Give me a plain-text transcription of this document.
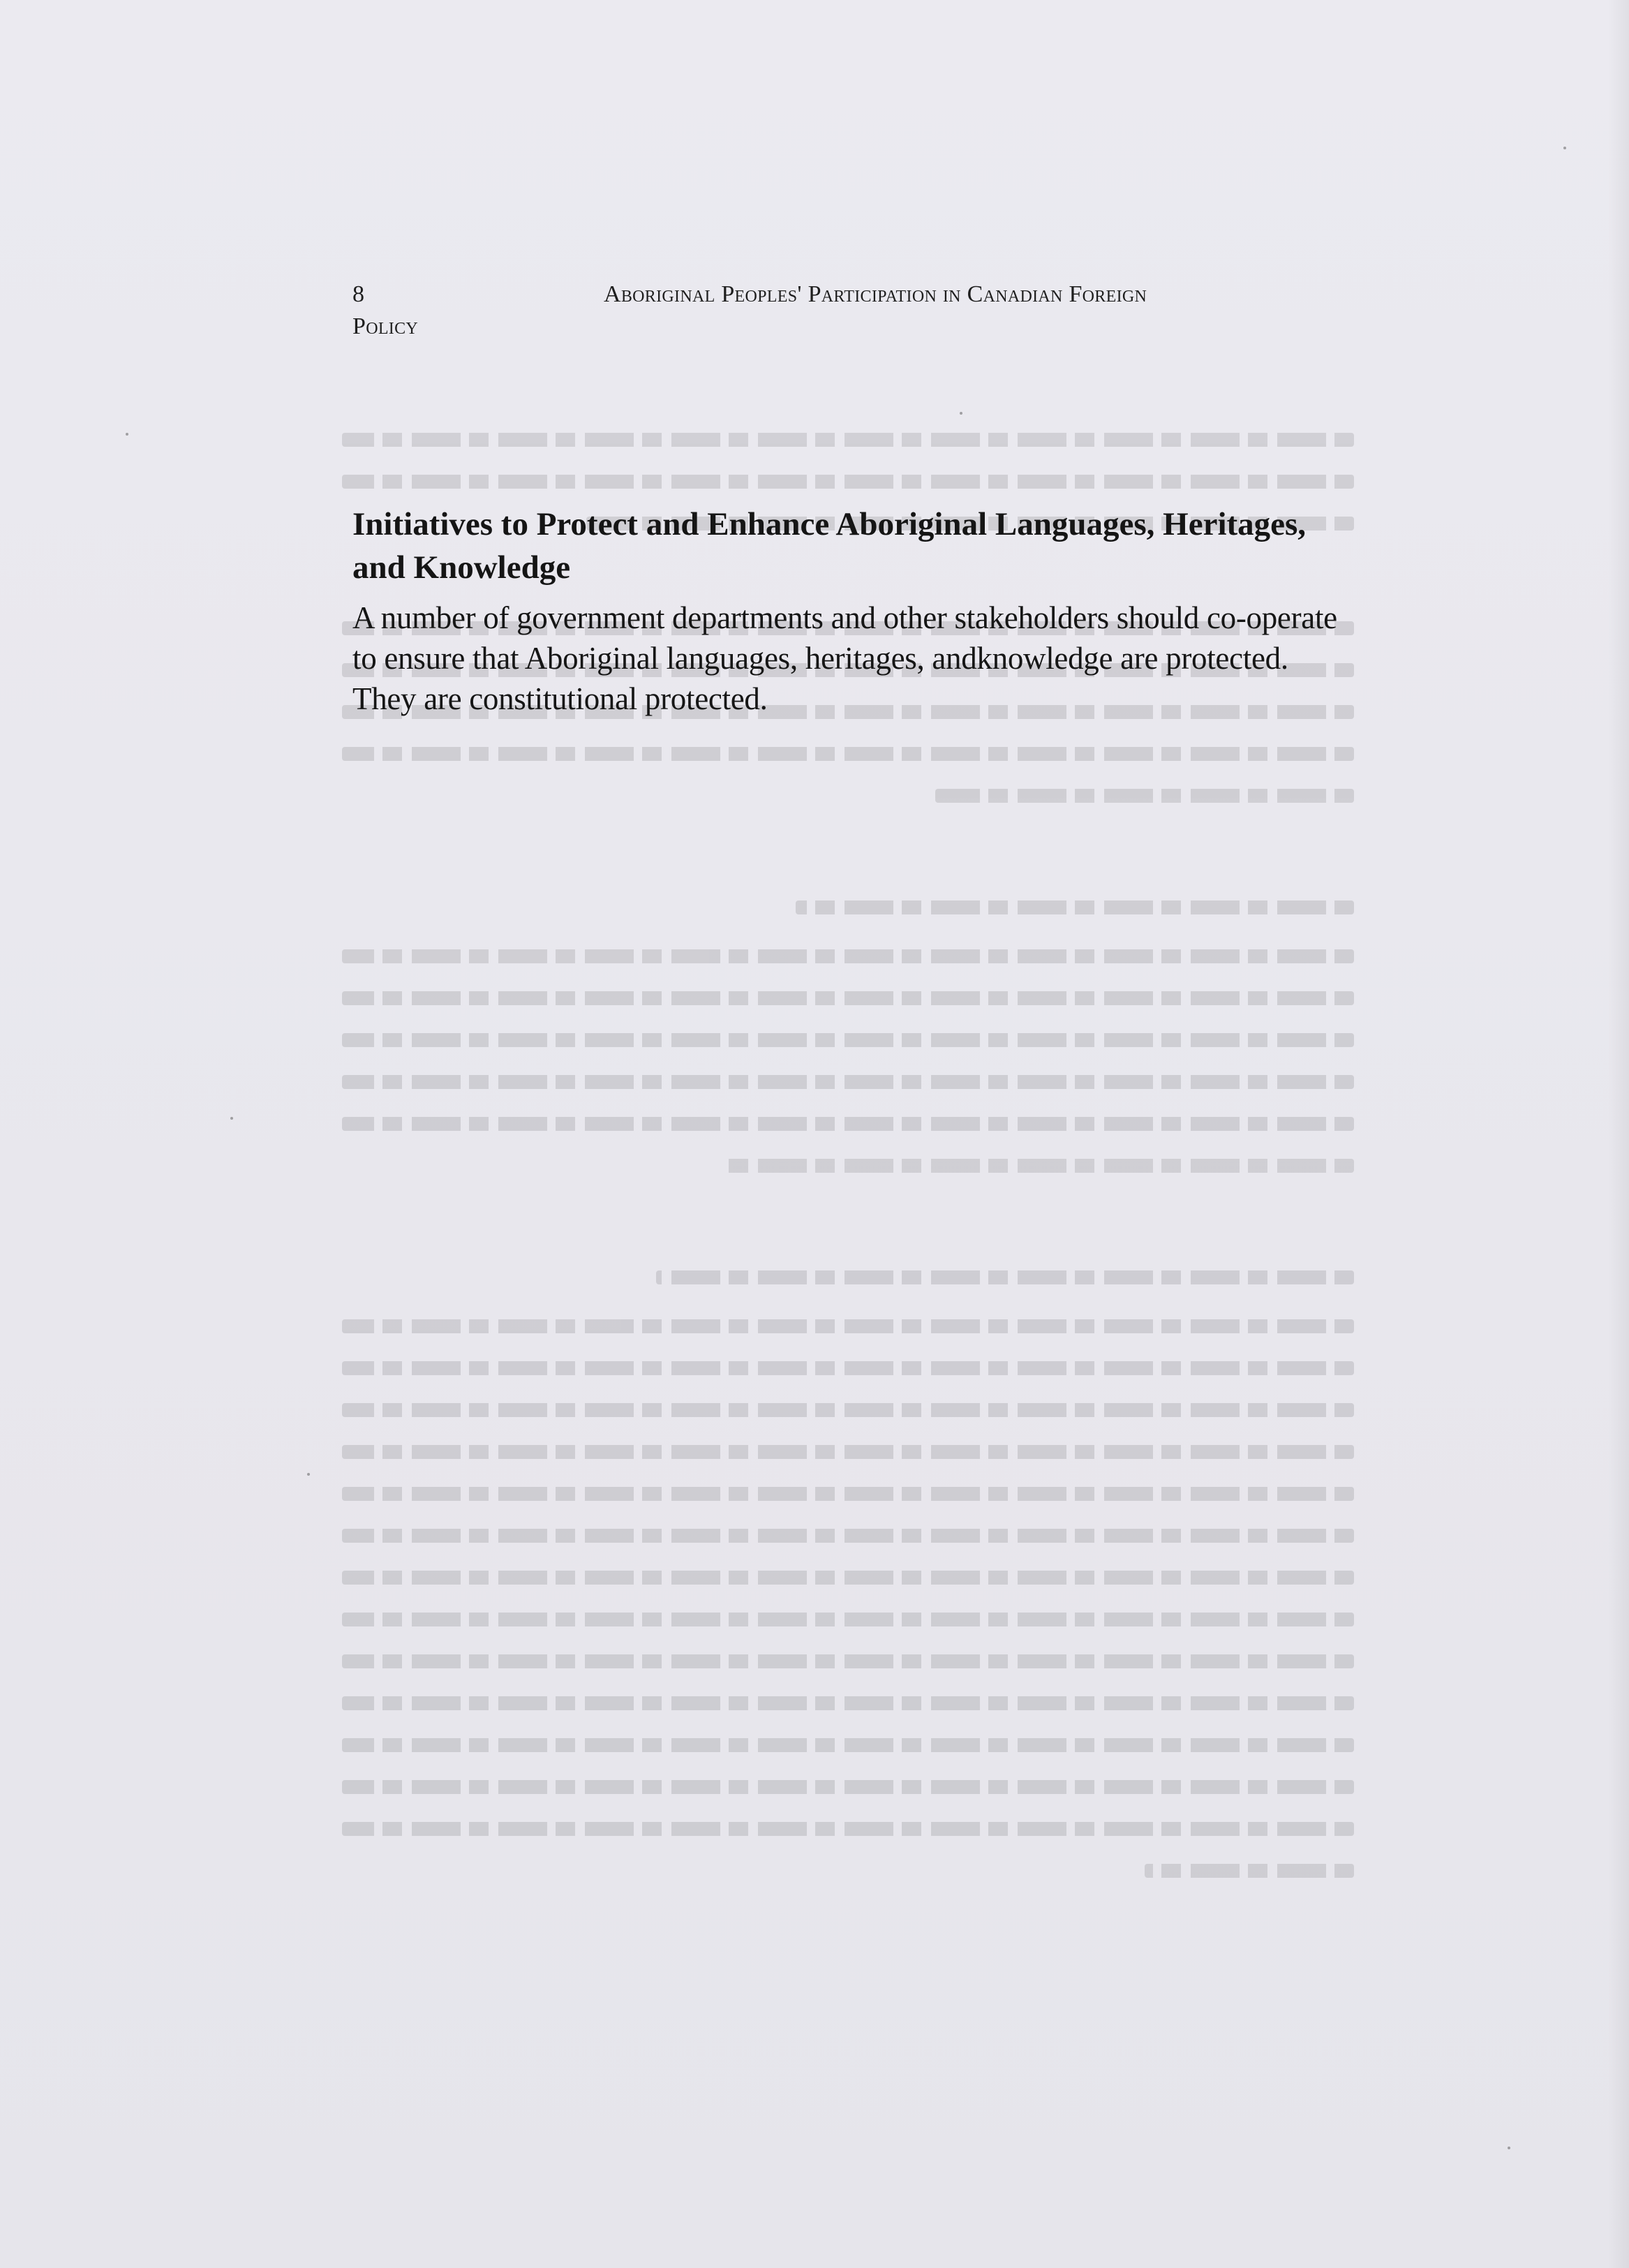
8	Aboriginal Peoples' Participation in Canadian Foreign
Policy
Initiatives to Protect and Enhance Aboriginal Languages, Heritages, and Knowledge

A number of government departments and other stakeholders should co-operate to ensure that Aboriginal languages, heritages, andknowledge are protected. They are constitutional protected.
